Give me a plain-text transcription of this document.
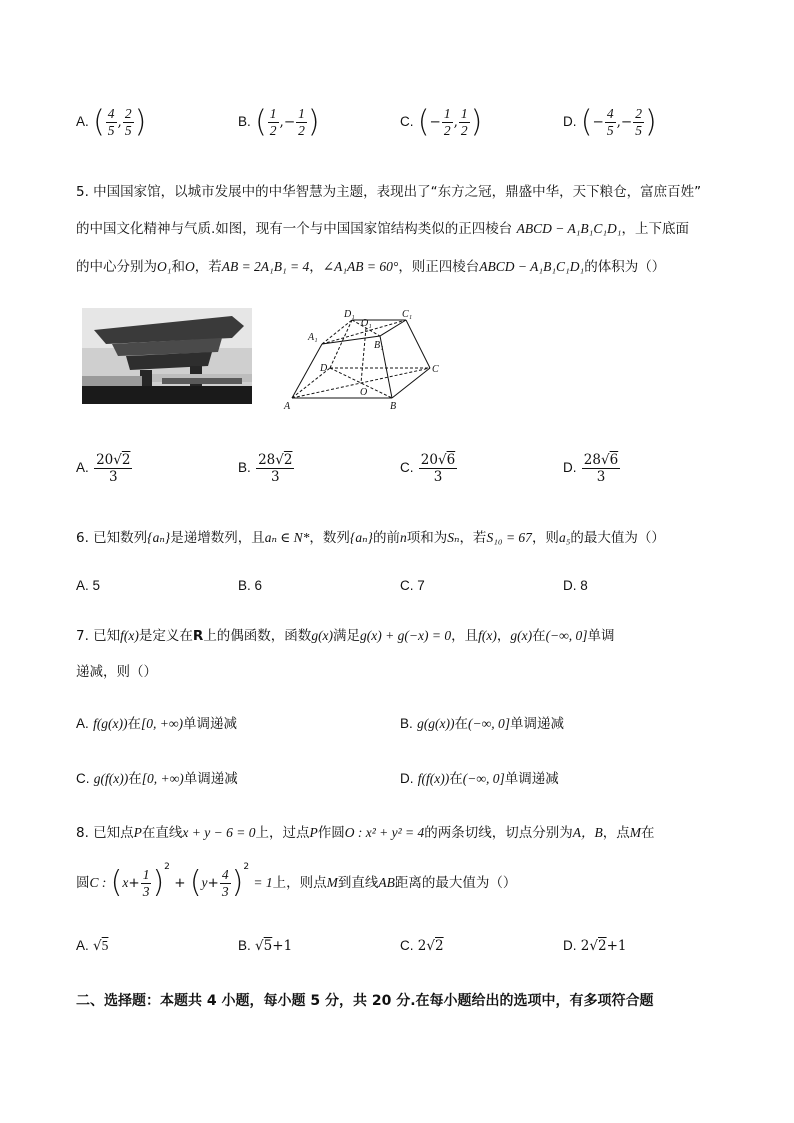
A. ( $\frac{4}{5}$ , $\frac{2}{5}$ )	B. ( $\frac{1}{2}$ ,− $\frac{1}{2}$ )	C. (− $\frac{1}{2}$ , $\frac{1}{2}$ )	D. (− $\frac{4}{5}$ ,− $\frac{2}{5}$ )
5. 中国国家馆，以城市发展中的中华智慧为主题，表现出了“东方之冠，鼎盛中华，天下粮仓，富庶百姓”
的中国文化精神与气质.如图，现有一个与中国国家馆结构类似的正四棱台 ABCD − A₁B₁C₁D₁，上下底面
的中心分别为O₁和O，若AB = 2A₁B₁ = 4，∠A₁AB = 60°，则正四棱台ABCD − A₁B₁C₁D₁的体积为（）
A	B
C
D
A₁
B₁
C₁
D₁
O₁
O
A. $\frac{20√2}{3}$	B. $\frac{28√2}{3}$	C. $\frac{20√6}{3}$	D. $\frac{28√6}{3}$
6. 已知数列{aₙ}是递增数列，且aₙ ∈ N*，数列{aₙ}的前n项和为Sₙ，若S₁₀ = 67，则a₅的最大值为（）
A. 5	B. 6	C. 7	D. 8
7. 已知f(x)是定义在R上的偶函数，函数g(x)满足g(x) + g(−x) = 0，且f(x)，g(x)在(−∞, 0]单调
递减，则（）
A. f(g(x))在[0, +∞)单调递减	B. g(g(x))在(−∞, 0]单调递减
C. g(f(x))在[0, +∞)单调递减	D. f(f(x))在(−∞, 0]单调递减
8. 已知点P在直线x + y − 6 = 0上，过点P作圆O : x² + y² = 4的两条切线，切点分别为A，B，点M在
圆C : $(x+ \frac{1}{3} )^2 + (y+ \frac{4}{3} )^2 = 1$上，则点M到直线AB距离的最大值为（）
A. √5	B. √5+1	C. 2√2	D. 2√2+1
二、选择题：本题共 4 小题，每小题 5 分，共 20 分.在每小题给出的选项中，有多项符合题
